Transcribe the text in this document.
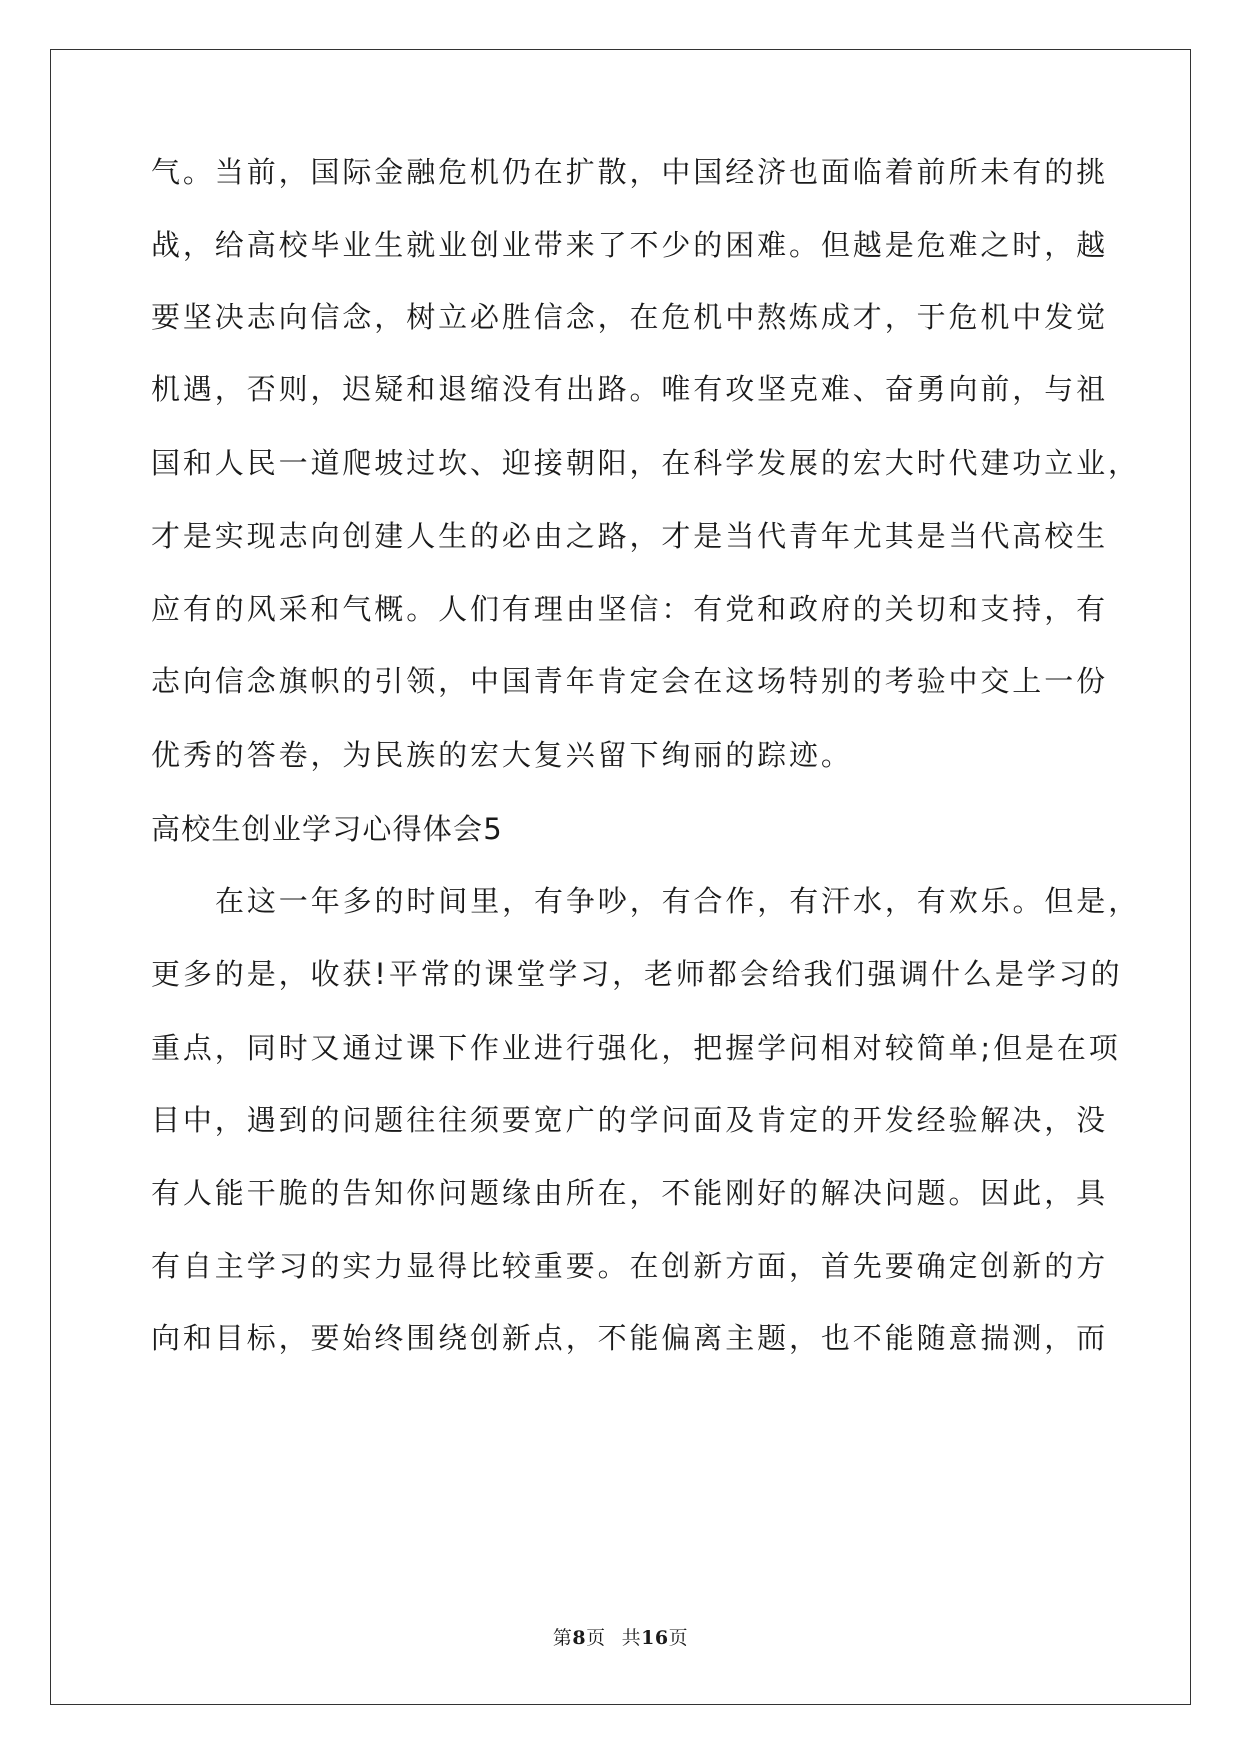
气。当前，国际金融危机仍在扩散，中国经济也面临着前所未有的挑
战，给高校毕业生就业创业带来了不少的困难。但越是危难之时，越
要坚决志向信念，树立必胜信念，在危机中熬炼成才，于危机中发觉
机遇，否则，迟疑和退缩没有出路。唯有攻坚克难、奋勇向前，与祖
国和人民一道爬坡过坎、迎接朝阳，在科学发展的宏大时代建功立业，
才是实现志向创建人生的必由之路，才是当代青年尤其是当代高校生
应有的风采和气概。人们有理由坚信：有党和政府的关切和支持，有
志向信念旗帜的引领，中国青年肯定会在这场特别的考验中交上一份
优秀的答卷，为民族的宏大复兴留下绚丽的踪迹。
高校生创业学习心得体会5
在这一年多的时间里，有争吵，有合作，有汗水，有欢乐。但是，
更多的是，收获!平常的课堂学习，老师都会给我们强调什么是学习的
重点，同时又通过课下作业进行强化，把握学问相对较简单;但是在项
目中，遇到的问题往往须要宽广的学问面及肯定的开发经验解决，没
有人能干脆的告知你问题缘由所在，不能刚好的解决问题。因此，具
有自主学习的实力显得比较重要。在创新方面，首先要确定创新的方
向和目标，要始终围绕创新点，不能偏离主题，也不能随意揣测，而
第8页 共16页
